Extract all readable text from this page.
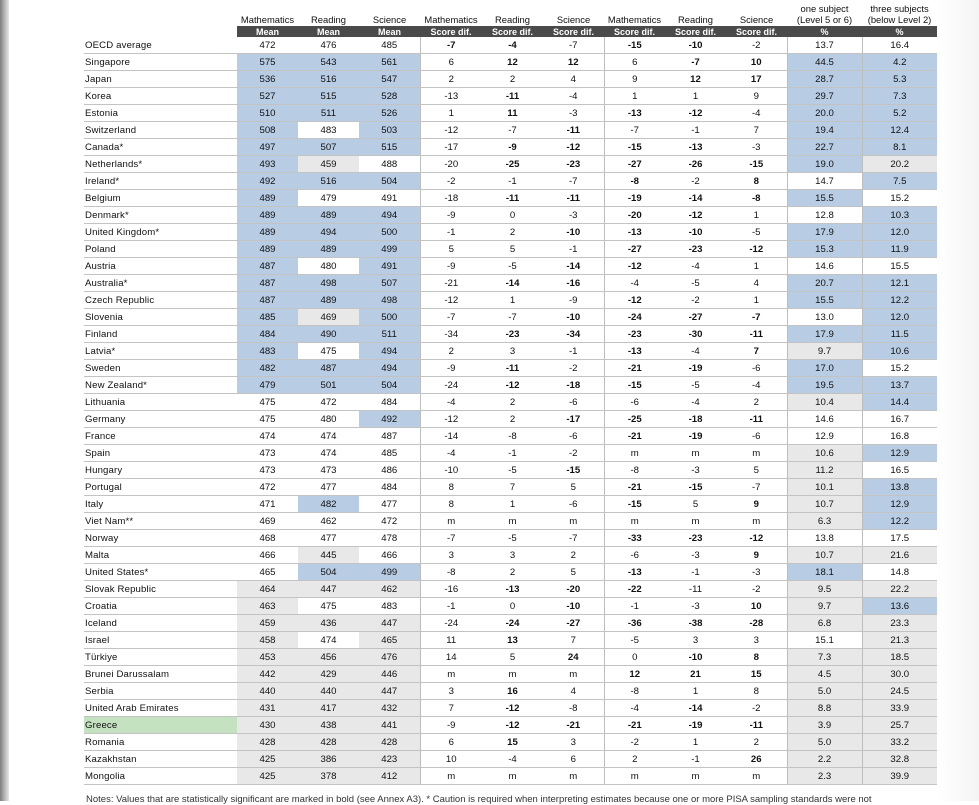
	Mathematics	Reading	Science	Mathematics	Reading	Science	Mathematics	Reading	Science	one subject (Level 5 or 6)	three subjects (below Level 2)
	Mean	Mean	Mean	Score dif.	Score dif.	Score dif.	Score dif.	Score dif.	Score dif.	%	%
OECD average	472	476	485	-7	-4	-7	-15	-10	-2	13.7	16.4
Singapore	575	543	561	6	12	12	6	-7	10	44.5	4.2
Japan	536	516	547	2	2	4	9	12	17	28.7	5.3
Korea	527	515	528	-13	-11	-4	1	1	9	29.7	7.3
Estonia	510	511	526	1	11	-3	-13	-12	-4	20.0	5.2
Switzerland	508	483	503	-12	-7	-11	-7	-1	7	19.4	12.4
Canada*	497	507	515	-17	-9	-12	-15	-13	-3	22.7	8.1
Netherlands*	493	459	488	-20	-25	-23	-27	-26	-15	19.0	20.2
Ireland*	492	516	504	-2	-1	-7	-8	-2	8	14.7	7.5
Belgium	489	479	491	-18	-11	-11	-19	-14	-8	15.5	15.2
Denmark*	489	489	494	-9	0	-3	-20	-12	1	12.8	10.3
United Kingdom*	489	494	500	-1	2	-10	-13	-10	-5	17.9	12.0
Poland	489	489	499	5	5	-1	-27	-23	-12	15.3	11.9
Austria	487	480	491	-9	-5	-14	-12	-4	1	14.6	15.5
Australia*	487	498	507	-21	-14	-16	-4	-5	4	20.7	12.1
Czech Republic	487	489	498	-12	1	-9	-12	-2	1	15.5	12.2
Slovenia	485	469	500	-7	-7	-10	-24	-27	-7	13.0	12.0
Finland	484	490	511	-34	-23	-34	-23	-30	-11	17.9	11.5
Latvia*	483	475	494	2	3	-1	-13	-4	7	9.7	10.6
Sweden	482	487	494	-9	-11	-2	-21	-19	-6	17.0	15.2
New Zealand*	479	501	504	-24	-12	-18	-15	-5	-4	19.5	13.7
Lithuania	475	472	484	-4	2	-6	-6	-4	2	10.4	14.4
Germany	475	480	492	-12	2	-17	-25	-18	-11	14.6	16.7
France	474	474	487	-14	-8	-6	-21	-19	-6	12.9	16.8
Spain	473	474	485	-4	-1	-2	m	m	m	10.6	12.9
Hungary	473	473	486	-10	-5	-15	-8	-3	5	11.2	16.5
Portugal	472	477	484	8	7	5	-21	-15	-7	10.1	13.8
Italy	471	482	477	8	1	-6	-15	5	9	10.7	12.9
Viet Nam**	469	462	472	m	m	m	m	m	m	6.3	12.2
Norway	468	477	478	-7	-5	-7	-33	-23	-12	13.8	17.5
Malta	466	445	466	3	3	2	-6	-3	9	10.7	21.6
United States*	465	504	499	-8	2	5	-13	-1	-3	18.1	14.8
Slovak Republic	464	447	462	-16	-13	-20	-22	-11	-2	9.5	22.2
Croatia	463	475	483	-1	0	-10	-1	-3	10	9.7	13.6
Iceland	459	436	447	-24	-24	-27	-36	-38	-28	6.8	23.3
Israel	458	474	465	11	13	7	-5	3	3	15.1	21.3
Türkiye	453	456	476	14	5	24	0	-10	8	7.3	18.5
Brunei Darussalam	442	429	446	m	m	m	12	21	15	4.5	30.0
Serbia	440	440	447	3	16	4	-8	1	8	5.0	24.5
United Arab Emirates	431	417	432	7	-12	-8	-4	-14	-2	8.8	33.9
Greece	430	438	441	-9	-12	-21	-21	-19	-11	3.9	25.7
Romania	428	428	428	6	15	3	-2	1	2	5.0	33.2
Kazakhstan	425	386	423	10	-4	6	2	-1	26	2.2	32.8
Mongolia	425	378	412	m	m	m	m	m	m	2.3	39.9
Notes: Values that are statistically significant are marked in bold (see Annex A3). * Caution is required when interpreting estimates because one or more PISA sampling standards were not
